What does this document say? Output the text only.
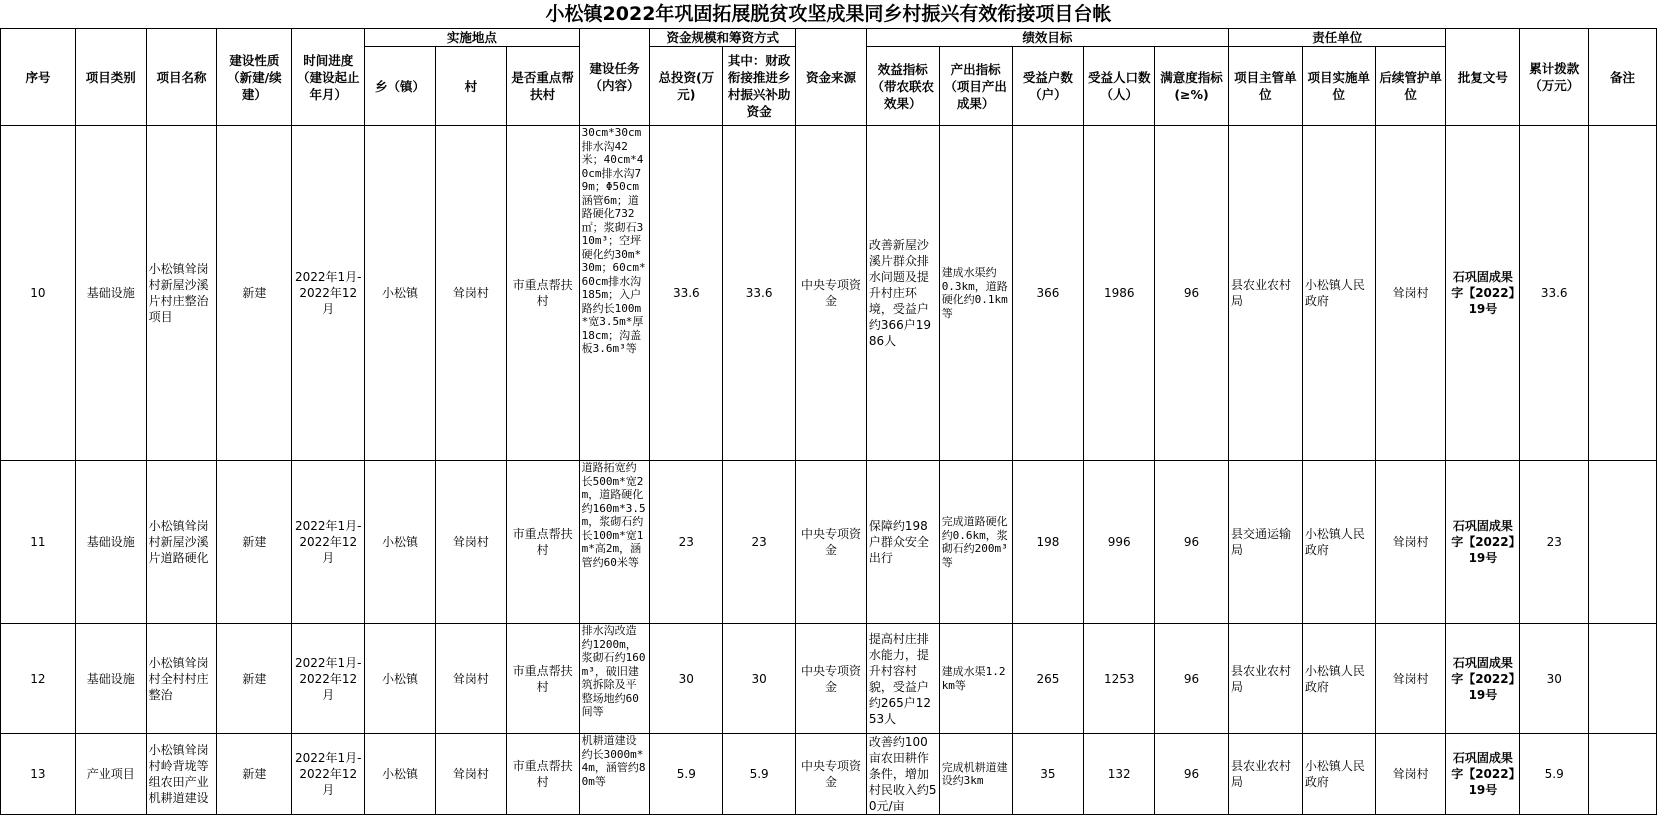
小松镇2022年巩固拓展脱贫攻坚成果同乡村振兴有效衔接项目台帐
序号	项目类别	项目名称	建设性质（新建/续建）	时间进度（建设起止年月）	实施地点			建设任务（内容）	资金规模和筹资方式		资金来源	绩效目标					责任单位			批复文号	累计拨款（万元）	备注
					乡（镇）	村	是否重点帮扶村		总投资(万元)	其中：财政衔接推进乡村振兴补助资金		效益指标（带农联农效果）	产出指标（项目产出成果）	受益户数（户）	受益人口数（人）	满意度指标(≥%)	项目主管单位	项目实施单位	后续管护单位			
10	基础设施	小松镇耸岗村新屋沙溪片村庄整治项目	新建	2022年1月-2022年12月	小松镇	耸岗村	市重点帮扶村	30cm*30cm排水沟42米；40cm*40cm排水沟79m；Φ50cm涵管6m；道路硬化732㎡；浆砌石310m³；空坪硬化约30m*30m；60cm*60cm排水沟185m；入户路约长100m*宽3.5m*厚18cm；沟盖板3.6m³等	33.6	33.6	中央专项资金	改善新屋沙溪片群众排水问题及提升村庄环境，受益户约366户1986人	建成水渠约0.3km，道路硬化约0.1km等	366	1986	96	县农业农村局	小松镇人民政府	耸岗村	石巩固成果字【2022】19号	33.6	
11	基础设施	小松镇耸岗村新屋沙溪片道路硬化	新建	2022年1月-2022年12月	小松镇	耸岗村	市重点帮扶村	道路拓宽约长500m*宽2m，道路硬化约160m*3.5m，浆砌石约长100m*宽1m*高2m，涵管约60米等	23	23	中央专项资金	保障约198户群众安全出行	完成道路硬化约0.6km，浆砌石约200m³等	198	996	96	县交通运输局	小松镇人民政府	耸岗村	石巩固成果字【2022】19号	23	
12	基础设施	小松镇耸岗村全村村庄整治	新建	2022年1月-2022年12月	小松镇	耸岗村	市重点帮扶村	排水沟改造约1200m，浆砌石约160m³，破旧建筑拆除及平整场地约60间等	30	30	中央专项资金	提高村庄排水能力，提升村容村貌，受益户约265户1253人	建成水渠1.2km等	265	1253	96	县农业农村局	小松镇人民政府	耸岗村	石巩固成果字【2022】19号	30	
13	产业项目	小松镇耸岗村岭背垅等组农田产业机耕道建设	新建	2022年1月-2022年12月	小松镇	耸岗村	市重点帮扶村	机耕道建设约长3000m*4m，涵管约80m等	5.9	5.9	中央专项资金	改善约100亩农田耕作条件，增加村民收入约50元/亩	完成机耕道建设约3km	35	132	96	县农业农村局	小松镇人民政府	耸岗村	石巩固成果字【2022】19号	5.9	
